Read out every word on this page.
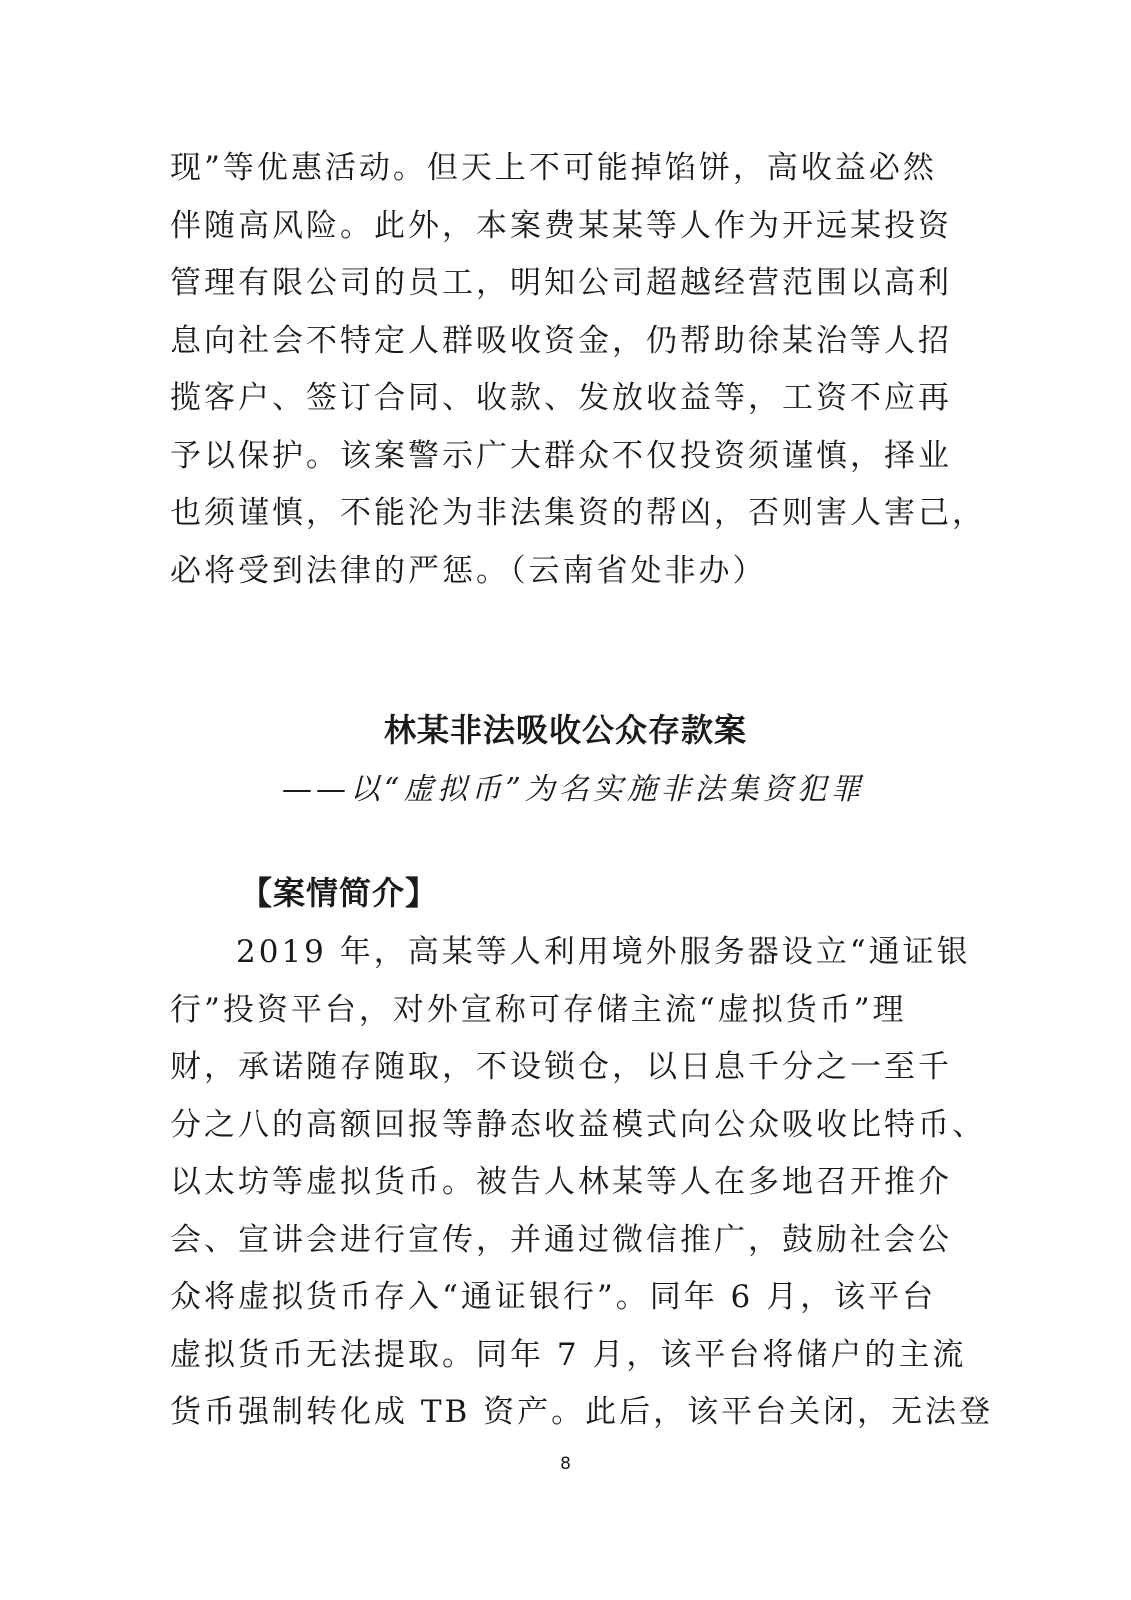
现”等优惠活动。但天上不可能掉馅饼，高收益必然
伴随高风险。此外，本案费某某等人作为开远某投资
管理有限公司的员工，明知公司超越经营范围以高利
息向社会不特定人群吸收资金，仍帮助徐某治等人招
揽客户、签订合同、收款、发放收益等，工资不应再
予以保护。该案警示广大群众不仅投资须谨慎，择业
也须谨慎，不能沦为非法集资的帮凶，否则害人害己，
必将受到法律的严惩。（云南省处非办）
林某非法吸收公众存款案
——以“虚拟币”为名实施非法集资犯罪
【案情简介】
2019 年，高某等人利用境外服务器设立“通证银
行”投资平台，对外宣称可存储主流“虚拟货币”理
财，承诺随存随取，不设锁仓，以日息千分之一至千
分之八的高额回报等静态收益模式向公众吸收比特币、
以太坊等虚拟货币。被告人林某等人在多地召开推介
会、宣讲会进行宣传，并通过微信推广，鼓励社会公
众将虚拟货币存入“通证银行”。同年 6 月，该平台
虚拟货币无法提取。同年 7 月，该平台将储户的主流
货币强制转化成 TB 资产。此后，该平台关闭，无法登
8
